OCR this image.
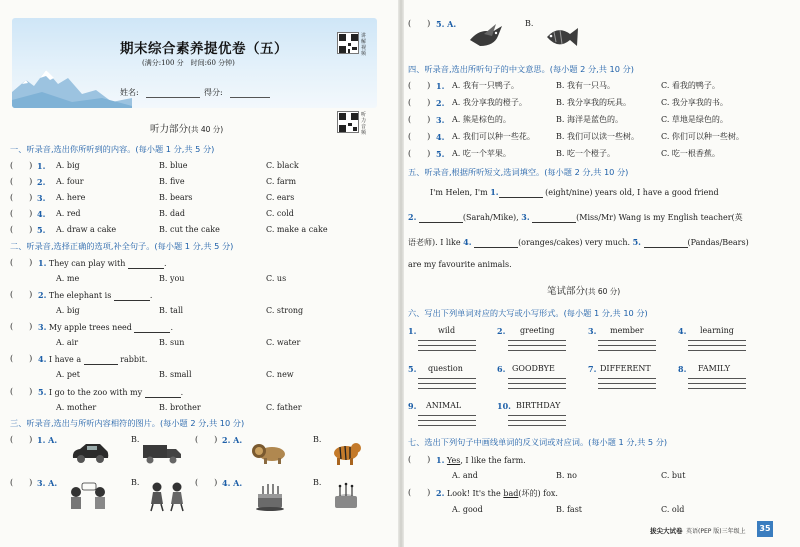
期末综合素养提优卷（五）
(满分:100 分　时间:60 分钟)
姓名:	得分:
讲解视频
听力音频
听力部分(共 40 分)
一、听录音,选出你所听到的内容。(每小题 1 分,共 5 分)
(　　) 1. A. big	B. blue	C. black
(　　) 2. A. four	B. five	C. farm
(　　) 3. A. here	B. bears	C. ears
(　　) 4. A. red	B. dad	C. cold
(　　) 5. A. draw a cake	B. cut the cake	C. make a cake
二、听录音,选择正确的选项,补全句子。(每小题 1 分,共 5 分)
(　　) 1. They can play with	.
A. me	B. you	C. us
(　　) 2. The elephant is	.
A. big	B. tall	C. strong
(　　) 3. My apple trees need	.
A. air	B. sun	C. water
(　　) 4. I have a	rabbit.
A. pet	B. small	C. new
(　　) 5. I go to the zoo with my	.
A. mother	B. brother	C. father
三、听录音,选出与所听内容相符的图片。(每小题 2 分,共 10 分)
(　　) 1. A.	B.	(　　) 2. A.	B.
(　　) 3. A.	B.	(　　) 4. A.	B.
(　　) 5. A.	B.
四、听录音,选出所听句子的中文意思。(每小题 2 分,共 10 分)
(　　) 1. A. 我有一只鸭子。	B. 我有一只马。	C. 看我的鸭子。
(　　) 2. A. 我分享我的橙子。	B. 我分享我的玩具。	C. 我分享我的书。
(　　) 3. A. 熊是棕色的。	B. 海洋是蓝色的。	C. 草地是绿色的。
(　　) 4. A. 我们可以种一些花。	B. 我们可以读一些树。	C. 你们可以种一些树。
(　　) 5. A. 吃一个苹果。	B. 吃一个橙子。	C. 吃一根香蕉。
五、听录音,根据所听短文,选词填空。(每小题 2 分,共 10 分)
I'm Helen, I'm 1.	(eight/nine) years old, I have a good friend
2.	(Sarah/Mike), 3.	(Miss/Mr) Wang is my English teacher(英
语老师). I like 4.	(oranges/cakes) very much. 5.	(Pandas/Bears)
are my favourite animals.
笔试部分(共 60 分)
六、写出下列单词对应的大写或小写形式。(每小题 1 分,共 10 分)
1.	wild	2. greeting	3. member	4. learning
5. question	6. GOODBYE	7. DIFFERENT	8. FAMILY
9. ANIMAL	10. BIRTHDAY
七、选出下列句子中画线单词的反义词或对应词。(每小题 1 分,共 5 分)
(　　) 1. Yes, I like the farm.
A. and	B. no	C. but
(　　) 2. Look! It's the bad(坏的) fox.
A. good	B. fast	C. old
拔尖大试卷 英语(PEP 版)三年级上	35
